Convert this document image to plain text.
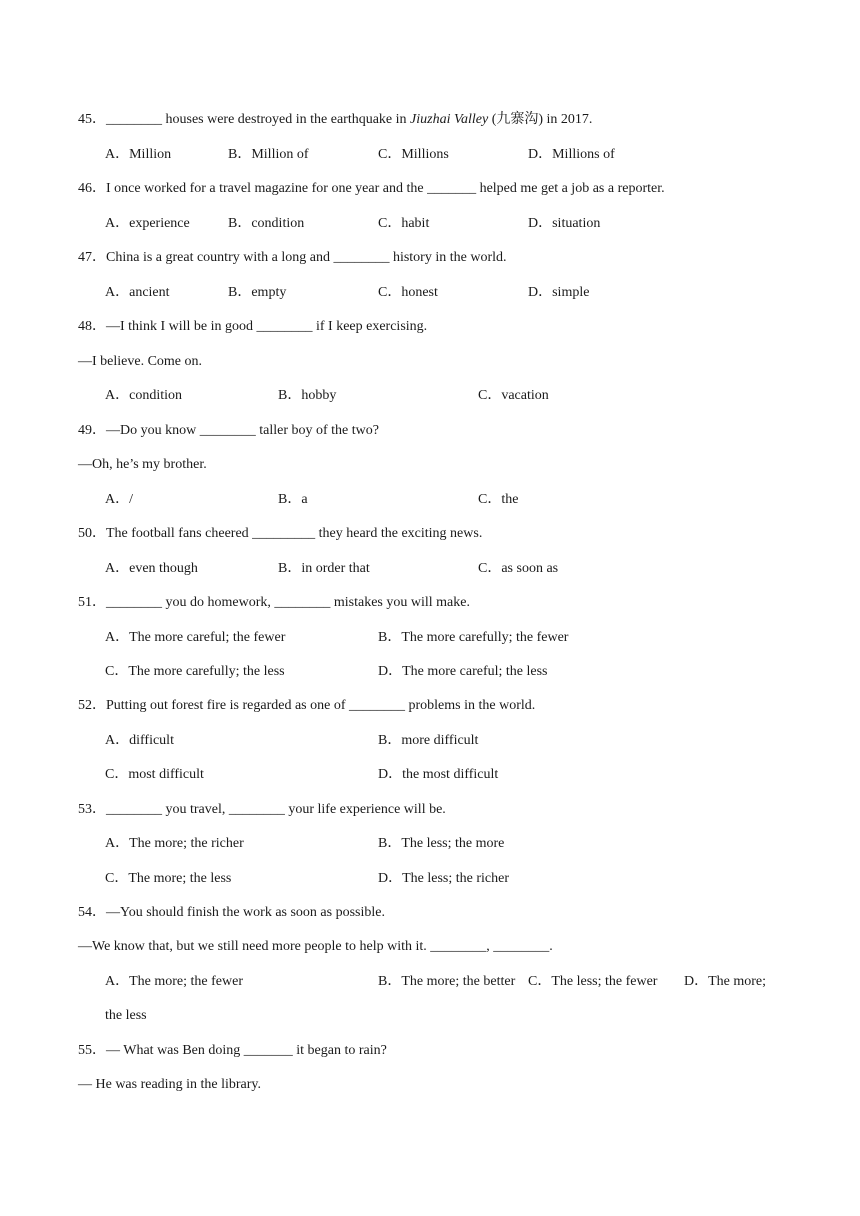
45．________ houses were destroyed in the earthquake in Jiuzhai Valley (九寨沟) in 2017.
A．Million	B．Million of	C．Millions	D．Millions of
46．I once worked for a travel magazine for one year and the _______ helped me get a job as a reporter.
A．experience	B．condition	C．habit	D．situation
47．China is a great country with a long and ________ history in the world.
A．ancient	B．empty	C．honest	D．simple
48．—I think I will be in good ________ if I keep exercising.
—I believe. Come on.
A．condition	B．hobby	C．vacation
49．—Do you know ________ taller boy of the two?
—Oh, he’s my brother.
A．/	B．a	C．the
50．The football fans cheered _________ they heard the exciting news.
A．even though	B．in order that	C．as soon as
51．________ you do homework, ________ mistakes you will make.
A．The more careful; the fewer	B．The more carefully; the fewer
C．The more carefully; the less	D．The more careful; the less
52．Putting out forest fire is regarded as one of ________ problems in the world.
A．difficult	B．more difficult
C．most difficult	D．the most difficult
53．________ you travel, ________ your life experience will be.
A．The more; the richer	B．The less; the more
C．The more; the less	D．The less; the richer
54．—You should finish the work as soon as possible.
—We know that, but we still need more people to help with it. ________, ________.
A．The more; the fewer	B．The more; the better C．The less; the fewer D．The more;
the less
55．— What was Ben doing _______ it began to rain?
— He was reading in the library.
